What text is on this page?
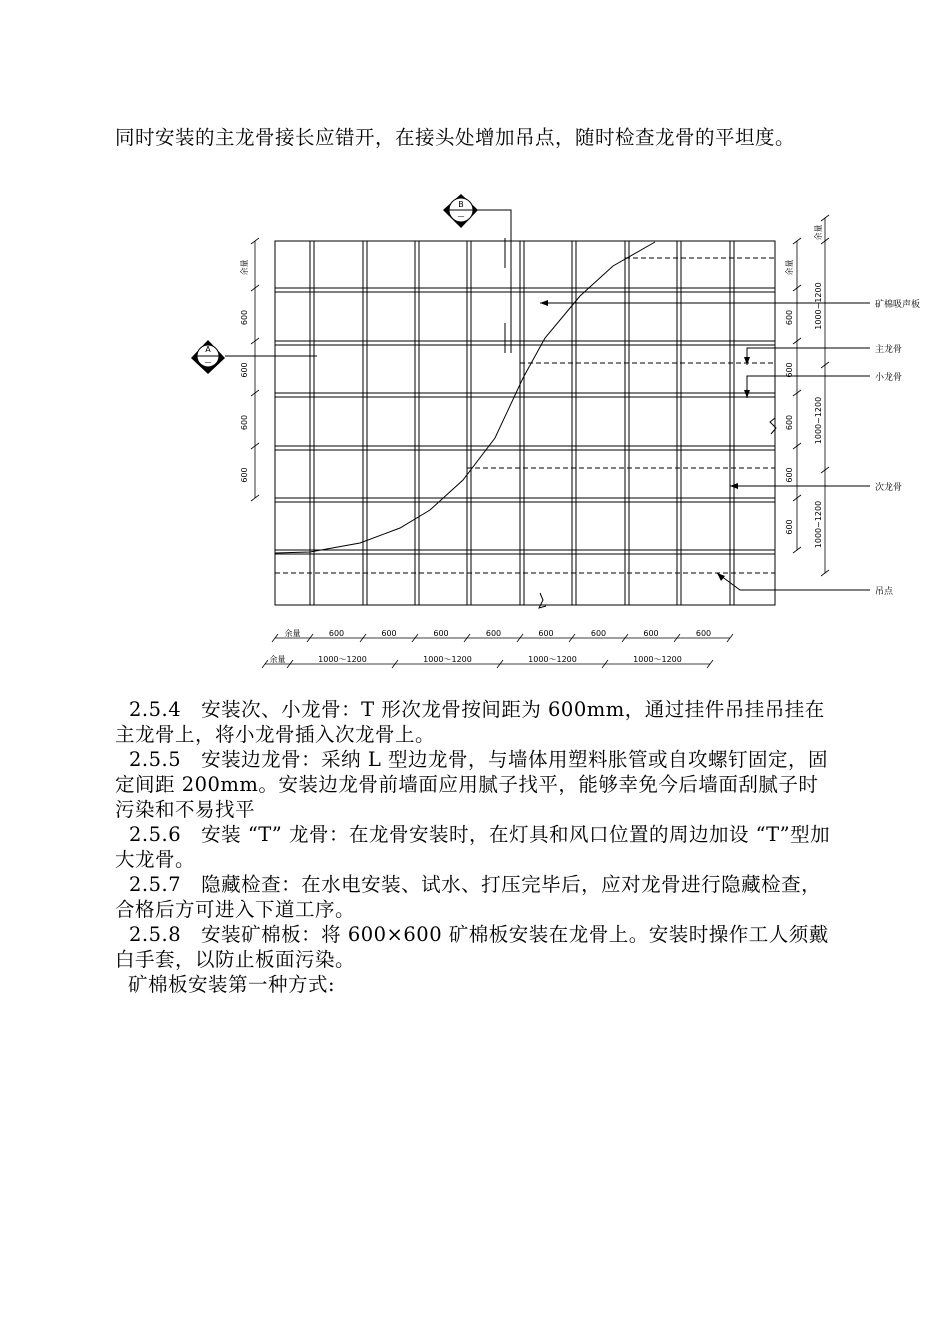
同时安装的主龙骨接长应错开，在接头处增加吊点，随时检查龙骨的平坦度。

余量
600
600
600
600
余量
600
600
600
600
600
余量
1000~1200
1000~1200
1000~1200
余量	600	600	600	600	600	600	600	600
余量	1000～1200	1000～1200	1000～1200	1000～1200
A
—
B
—
矿棉吸声板
主龙骨
小龙骨
次龙骨
吊点

2.5.4 安装次、小龙骨：T 形次龙骨按间距为 600mm，通过挂件吊挂吊挂在主龙骨上，将小龙骨插入次龙骨上。

2.5.5 安装边龙骨：采纳 L 型边龙骨，与墙体用塑料胀管或自攻螺钉固定，固定间距 200mm。安装边龙骨前墙面应用腻子找平，能够幸免今后墙面刮腻子时污染和不易找平

2.5.6 安装 “T” 龙骨：在龙骨安装时，在灯具和风口位置的周边加设 “T”型加大龙骨。

2.5.7 隐藏检查：在水电安装、试水、打压完毕后，应对龙骨进行隐藏检查，合格后方可进入下道工序。

2.5.8 安装矿棉板：将 600×600 矿棉板安装在龙骨上。安装时操作工人须戴白手套，以防止板面污染。

矿棉板安装第一种方式:
